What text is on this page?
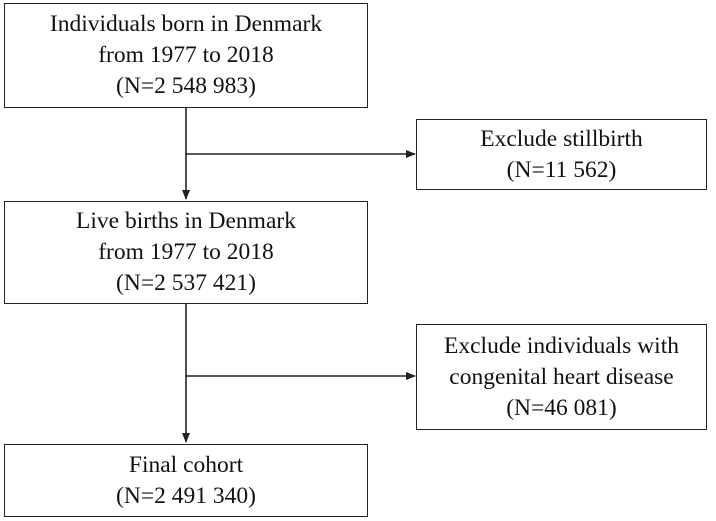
Individuals born in Denmark
from 1977 to 2018
(N=2 548 983)
Exclude stillbirth
(N=11 562)
Live births in Denmark
from 1977 to 2018
(N=2 537 421)
Exclude individuals with
congenital heart disease
(N=46 081)
Final cohort
(N=2 491 340)
